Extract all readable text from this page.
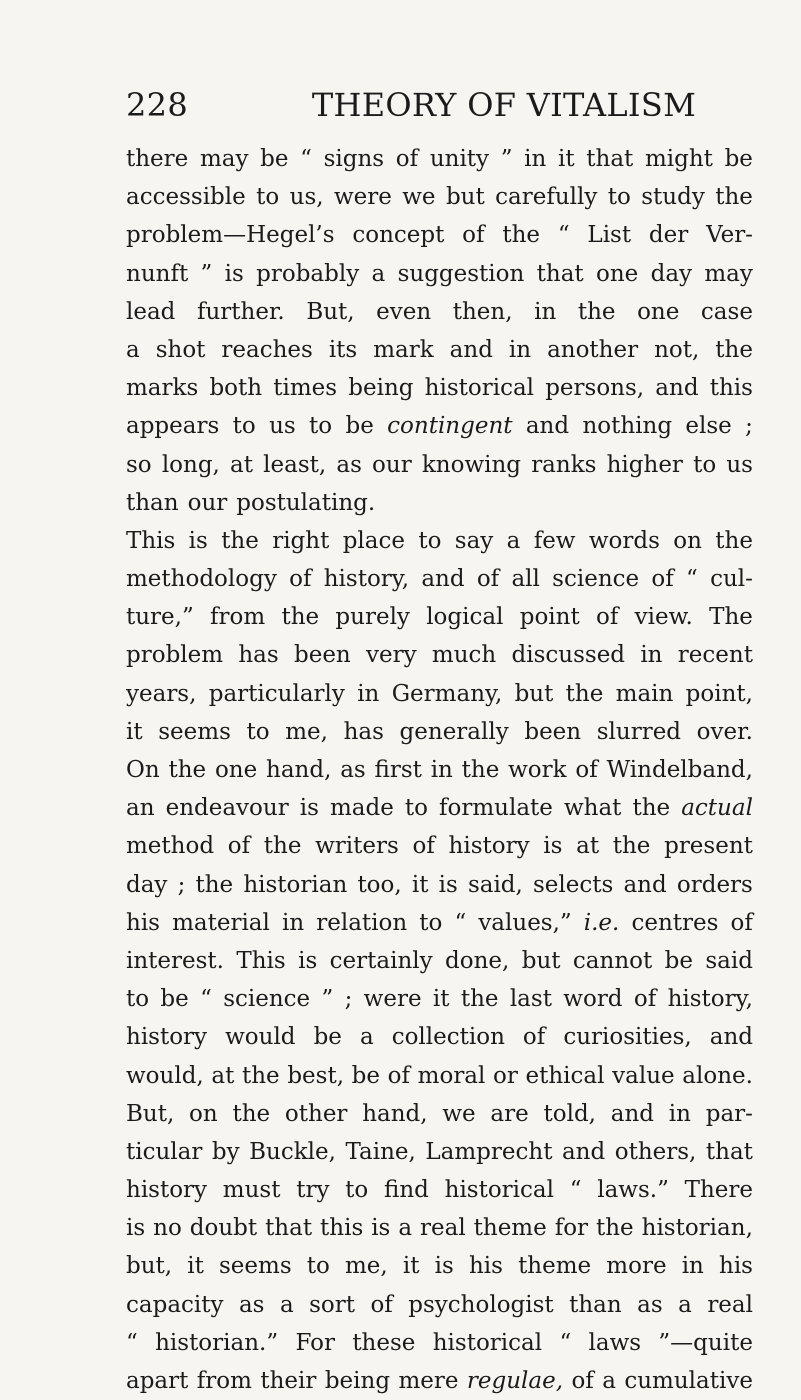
228	THEORY OF VITALISM
there may be “ signs of unity ” in it that might be
accessible to us, were we but carefully to study the
problem—Hegel’s concept of the “ List der Ver-
nunft ” is probably a suggestion that one day may
lead further. But, even then, in the one case
a shot reaches its mark and in another not, the
marks both times being historical persons, and this
appears to us to be contingent and nothing else ;
so long, at least, as our knowing ranks higher to us
than our postulating.
This is the right place to say a few words on the
methodology of history, and of all science of “ cul-
ture,” from the purely logical point of view. The
problem has been very much discussed in recent
years, particularly in Germany, but the main point,
it seems to me, has generally been slurred over.
On the one hand, as first in the work of Windelband,
an endeavour is made to formulate what the actual
method of the writers of history is at the present
day ; the historian too, it is said, selects and orders
his material in relation to “ values,” i.e. centres of
interest. This is certainly done, but cannot be said
to be “ science ” ; were it the last word of history,
history would be a collection of curiosities, and
would, at the best, be of moral or ethical value alone.
But, on the other hand, we are told, and in par-
ticular by Buckle, Taine, Lamprecht and others, that
history must try to find historical “ laws.” There
is no doubt that this is a real theme for the historian,
but, it seems to me, it is his theme more in his
capacity as a sort of psychologist than as a real
“ historian.” For these historical “ laws ”—quite
apart from their being mere regulae, of a cumulative
